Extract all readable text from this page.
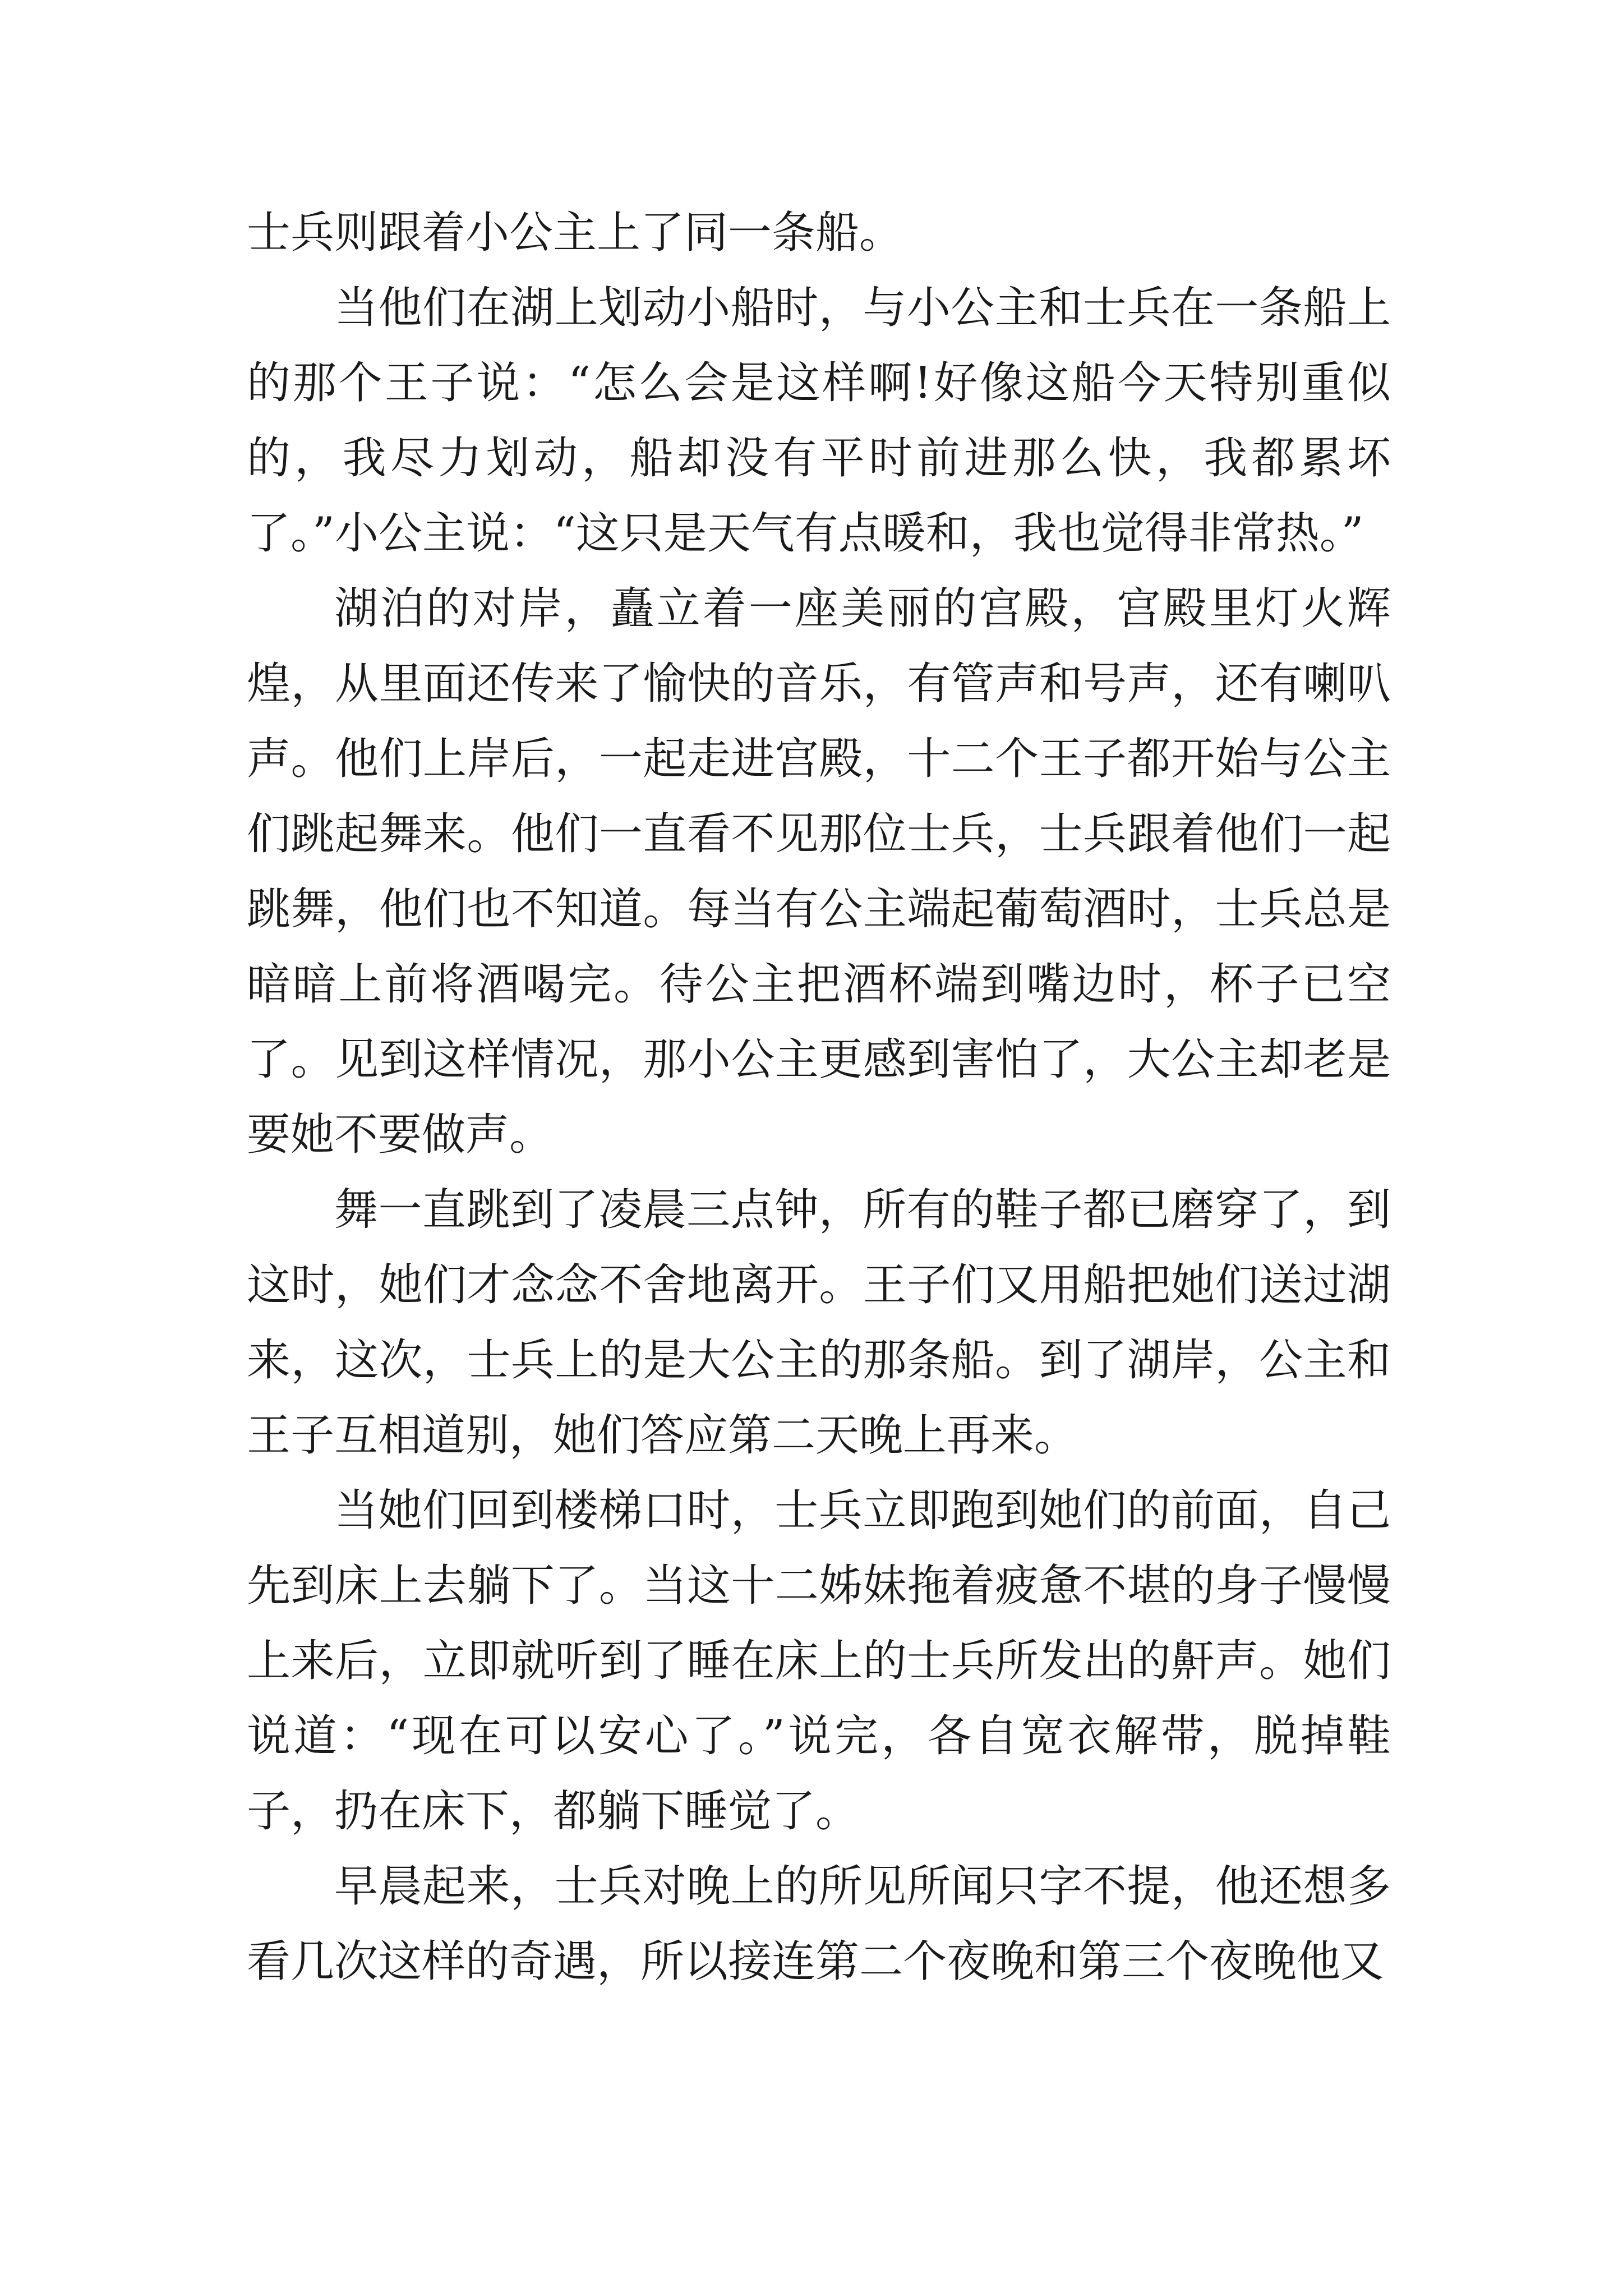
士兵则跟着小公主上了同一条船。

当他们在湖上划动小船时，与小公主和士兵在一条船上的那个王子说：“怎么会是这样啊!好像这船今天特别重似的，我尽力划动，船却没有平时前进那么快，我都累坏了。”小公主说：“这只是天气有点暖和，我也觉得非常热。”

湖泊的对岸，矗立着一座美丽的宫殿，宫殿里灯火辉煌，从里面还传来了愉快的音乐，有管声和号声，还有喇叭声。他们上岸后，一起走进宫殿，十二个王子都开始与公主们跳起舞来。他们一直看不见那位士兵，士兵跟着他们一起跳舞，他们也不知道。每当有公主端起葡萄酒时，士兵总是暗暗上前将酒喝完。待公主把酒杯端到嘴边时，杯子已空了。见到这样情况，那小公主更感到害怕了，大公主却老是要她不要做声。

舞一直跳到了凌晨三点钟，所有的鞋子都已磨穿了，到这时，她们才念念不舍地离开。王子们又用船把她们送过湖来，这次，士兵上的是大公主的那条船。到了湖岸，公主和王子互相道别，她们答应第二天晚上再来。

当她们回到楼梯口时，士兵立即跑到她们的前面，自己先到床上去躺下了。当这十二姊妹拖着疲惫不堪的身子慢慢上来后，立即就听到了睡在床上的士兵所发出的鼾声。她们说道：“现在可以安心了。”说完，各自宽衣解带，脱掉鞋子，扔在床下，都躺下睡觉了。

早晨起来，士兵对晚上的所见所闻只字不提，他还想多看几次这样的奇遇，所以接连第二个夜晚和第三个夜晚他又
